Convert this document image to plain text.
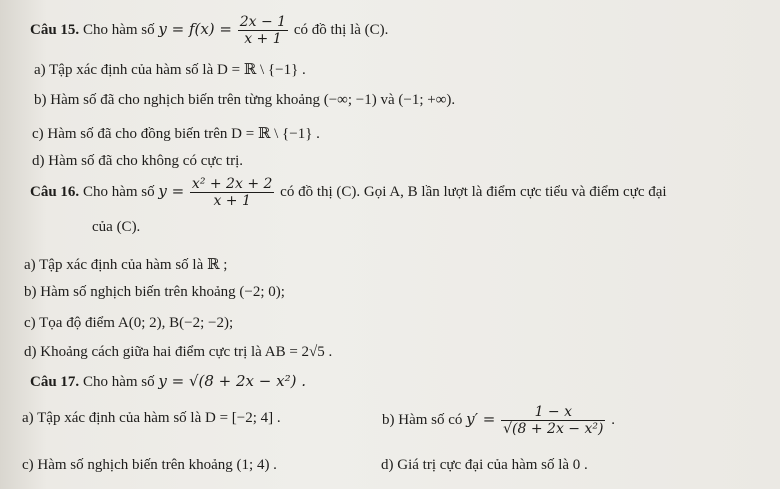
Câu 15. Cho hàm số $y = f(x) = \frac{2x - 1}{x + 1}$ có đồ thị là (C).
a) Tập xác định của hàm số là D = ℝ \ {−1} .
b) Hàm số đã cho nghịch biến trên từng khoảng (−∞; −1) và (−1; +∞).
c) Hàm số đã cho đồng biến trên D = ℝ \ {−1} .
d) Hàm số đã cho không có cực trị.
Câu 16. Cho hàm số $y = \frac{\text{x² + 2x + 2}}{x + 1}$ có đồ thị (C). Gọi A, B lần lượt là điểm cực tiểu và điểm cực đại
của (C).
a) Tập xác định của hàm số là ℝ ;
b) Hàm số nghịch biến trên khoảng (−2; 0);
c) Tọa độ điểm A(0; 2), B(−2; −2);
d) Khoảng cách giữa hai điểm cực trị là AB = 2√5 .
Câu 17. Cho hàm số y = √(8 + 2x − x²) .
a) Tập xác định của hàm số là D = [−2; 4] .	b) Hàm số có $y' = \frac{1 - x}{\text{√(8 + 2x − x²)}}$ .
c) Hàm số nghịch biến trên khoảng (1; 4) .	d) Giá trị cực đại của hàm số là 0 .
